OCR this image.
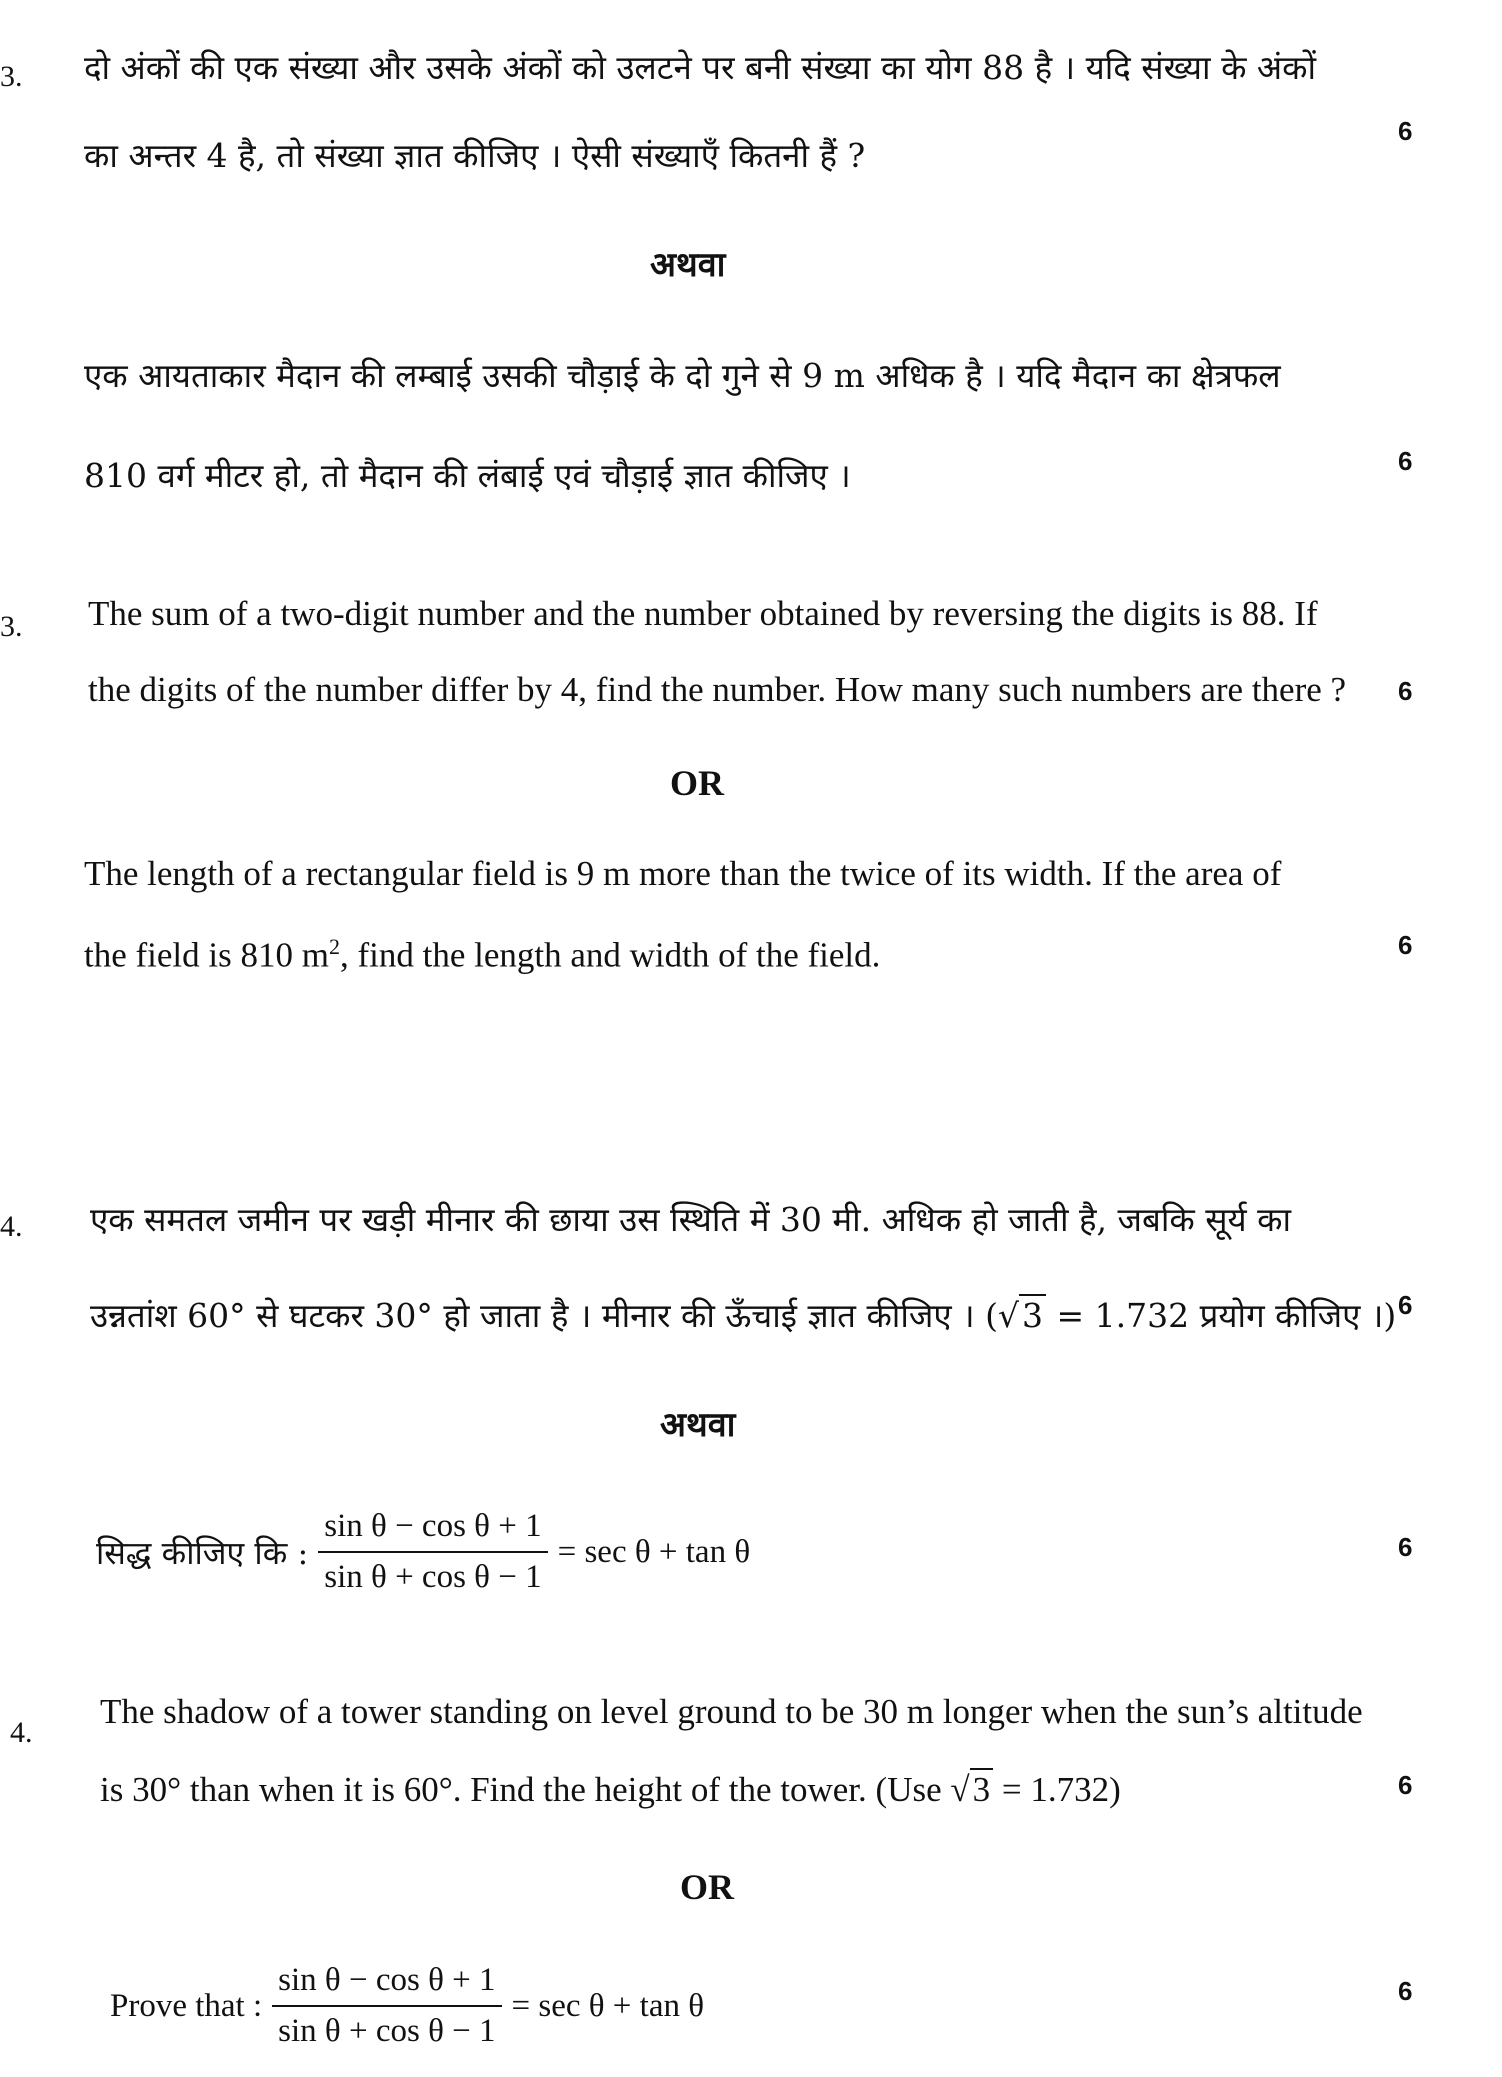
3. दो अंकों की एक संख्या और उसके अंकों को उलटने पर बनी संख्या का योग 88 है । यदि संख्या के अंकों
6
का अन्तर 4 है, तो संख्या ज्ञात कीजिए । ऐसी संख्याएँ कितनी हैं ?
अथवा
एक आयताकार मैदान की लम्बाई उसकी चौड़ाई के दो गुने से 9 m अधिक है । यदि मैदान का क्षेत्रफल
6
810 वर्ग मीटर हो, तो मैदान की लंबाई एवं चौड़ाई ज्ञात कीजिए ।
3. The sum of a two-digit number and the number obtained by reversing the digits is 88. If
the digits of the number differ by 4, find the number. How many such numbers are there ? 6
OR
The length of a rectangular field is 9 m more than the twice of its width. If the area of
the field is 810 $m^2$, find the length and width of the field.	6
4. एक समतल जमीन पर खड़ी मीनार की छाया उस स्थिति में 30 मी. अधिक हो जाती है, जबकि सूर्य का
उन्नतांश 60° से घटकर 30° हो जाता है । मीनार की ऊँचाई ज्ञात कीजिए । (√3 = 1.732 प्रयोग कीजिए ।) 6
अथवा
सिद्ध कीजिए कि : $\frac{\text{sin θ − cos θ + 1}}{\text{sin θ + cos θ − 1}} = \sec \theta + \tan \theta$	6
4.
The shadow of a tower standing on level ground to be 30 m longer when the sun’s altitude
is 30° than when it is 60°. Find the height of the tower. (Use √3 = 1.732)	6
OR
Prove that : $\frac{\text{sin θ − cos θ + 1}}{\text{sin θ + cos θ − 1}} = \sec \theta + \tan \theta$	6
